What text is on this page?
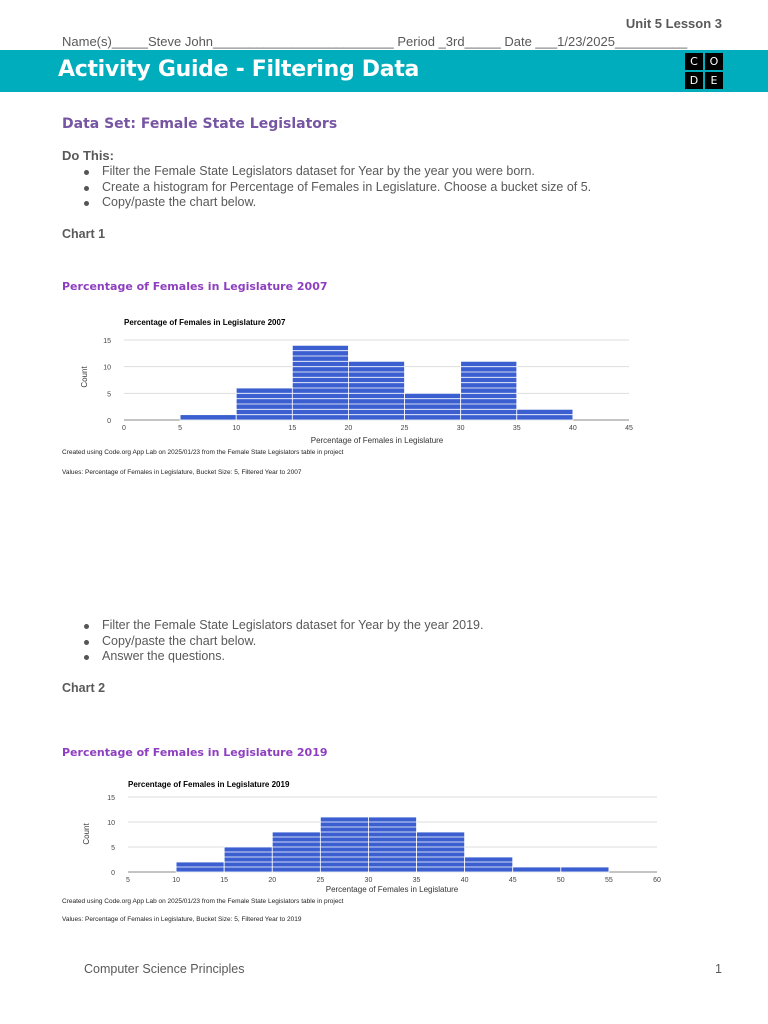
Unit 5 Lesson 3
Name(s)_____Steve John_________________________ Period _3rd_____ Date ___1/23/2025__________
Activity Guide - Filtering Data	C	O
D	E
Data Set: Female State Legislators
Do This:
Filter the Female State Legislators dataset for Year by the year you were born.
Create a histogram for Percentage of Females in Legislature. Choose a bucket size of 5.
Copy/paste the chart below.
Chart 1
Percentage of Females in Legislature 2007
Percentage of Females in Legislature 2007
0	5	10	15	20	25	30	35	40	45
0
5
10
15
Percentage of Females in Legislature
Count
Created using Code.org App Lab on 2025/01/23 from the Female State Legislators table in project
Values: Percentage of Females in Legislature, Bucket Size: 5, Filtered Year to 2007
Filter the Female State Legislators dataset for Year by the year 2019.
Copy/paste the chart below.
Answer the questions.
Chart 2
Percentage of Females in Legislature 2019
Percentage of Females in Legislature 2019
5	10	15	20	25	30	35	40	45	50	55	60
0
5
10
15
Percentage of Females in Legislature
Count
Created using Code.org App Lab on 2025/01/23 from the Female State Legislators table in project
Values: Percentage of Females in Legislature, Bucket Size: 5, Filtered Year to 2019
Computer Science Principles	1
